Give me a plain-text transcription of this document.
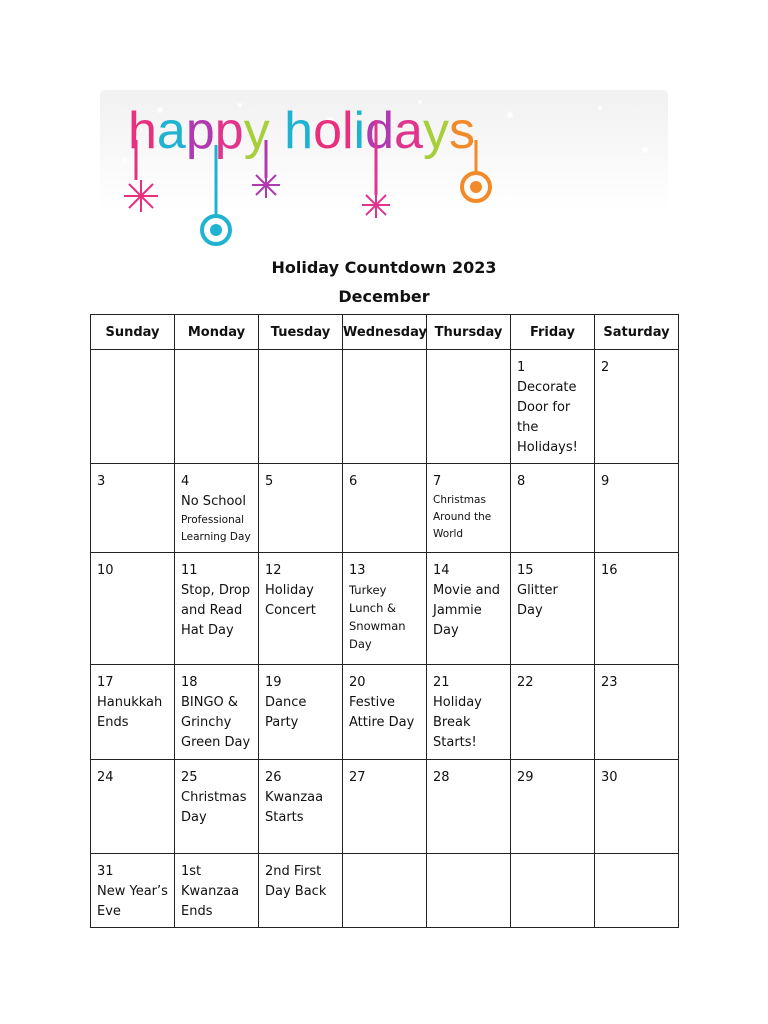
happy holidays
Holiday Countdown 2023
December
Sunday	Monday	Tuesday	Wednesday	Thursday	Friday	Saturday

					1
Decorate
Door for
the
Holidays!	2

3	4
No School
Professional
Learning Day	5	6	7
Christmas
Around the
World	8	9

10	11
Stop, Drop
and Read
Hat Day	12
Holiday
Concert	13
Turkey
Lunch &
Snowman
Day	14
Movie and
Jammie
Day	15
Glitter
Day	16

17
Hanukkah
Ends	18
BINGO &
Grinchy
Green Day	19
Dance
Party	20
Festive
Attire Day	21
Holiday
Break
Starts!	22	23

24	25
Christmas
Day	26
Kwanzaa
Starts	27	28	29	30

31
New Year’s
Eve	1st
Kwanzaa
Ends	2nd First
Day Back				
